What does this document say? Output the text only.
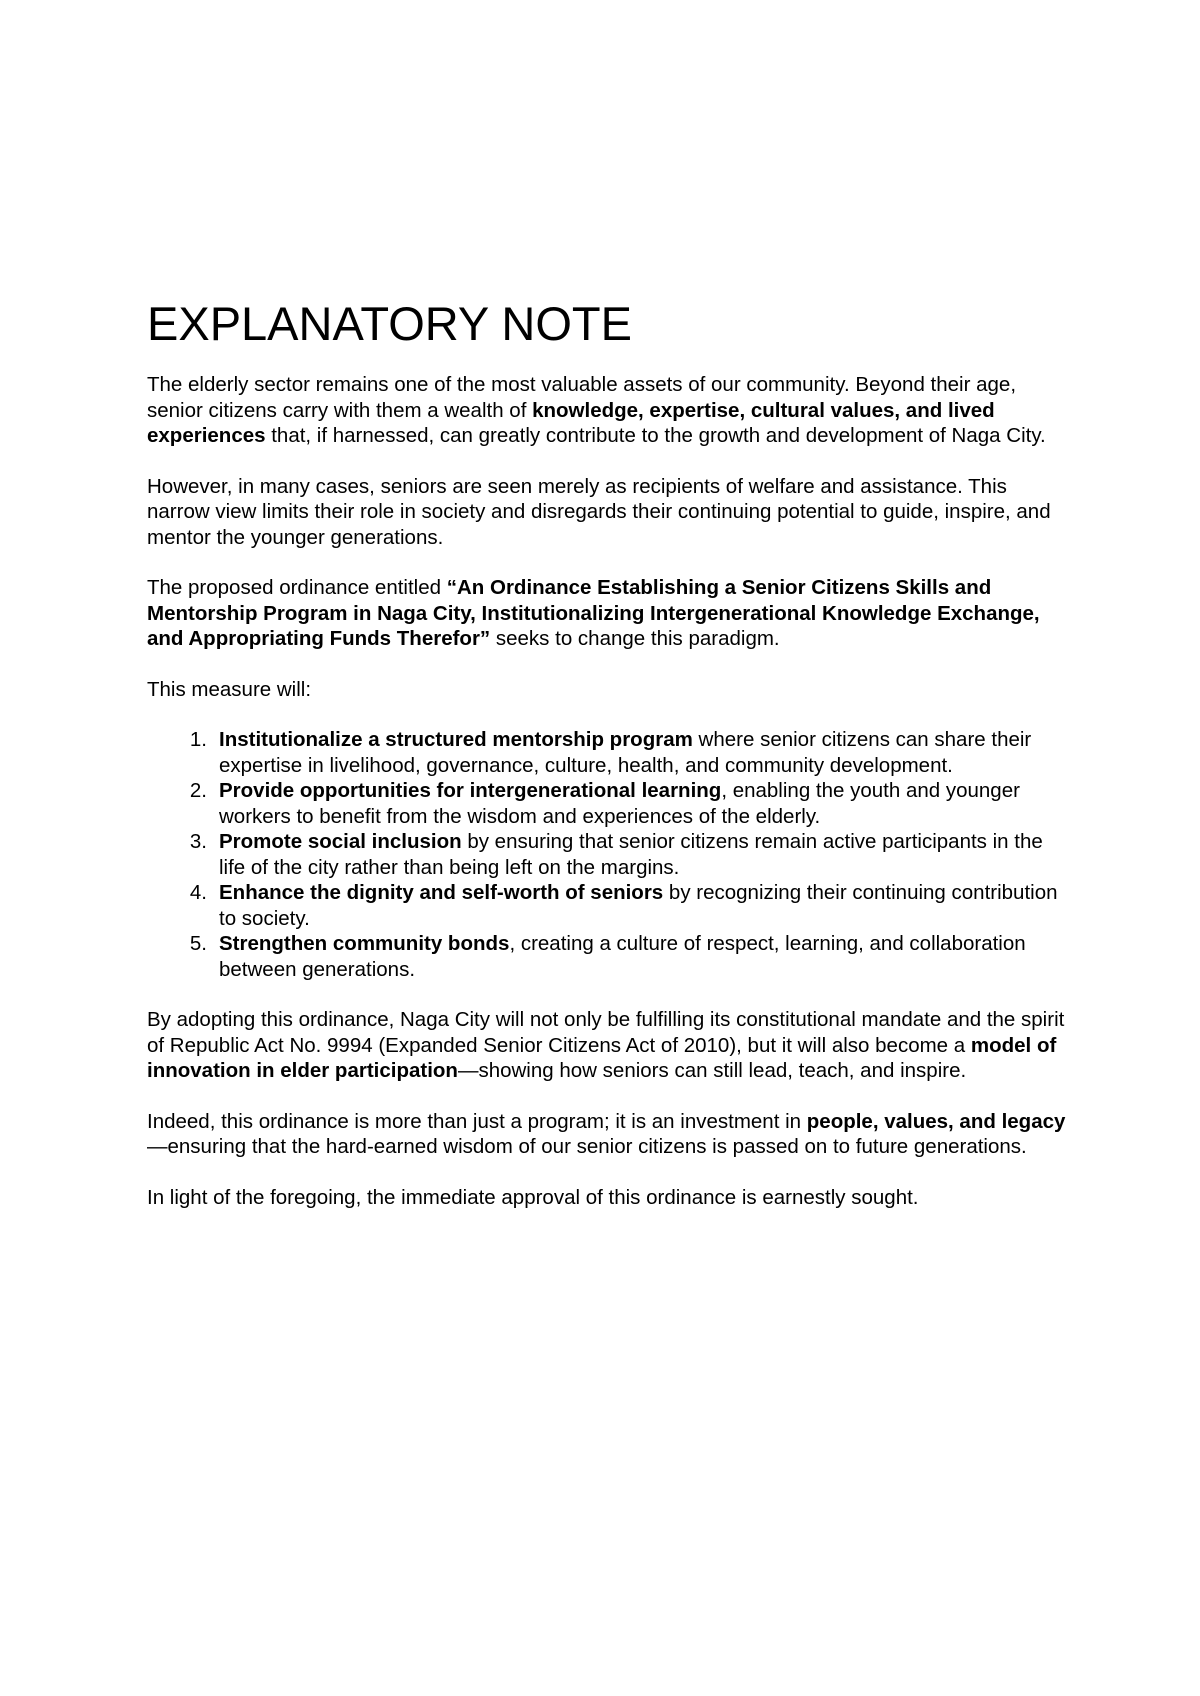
EXPLANATORY NOTE

The elderly sector remains one of the most valuable assets of our community. Beyond their age, senior citizens carry with them a wealth of knowledge, expertise, cultural values, and lived experiences that, if harnessed, can greatly contribute to the growth and development of Naga City.

However, in many cases, seniors are seen merely as recipients of welfare and assistance. This narrow view limits their role in society and disregards their continuing potential to guide, inspire, and mentor the younger generations.

The proposed ordinance entitled “An Ordinance Establishing a Senior Citizens Skills and Mentorship Program in Naga City, Institutionalizing Intergenerational Knowledge Exchange, and Appropriating Funds Therefor” seeks to change this paradigm.

This measure will:

1. Institutionalize a structured mentorship program where senior citizens can share their expertise in livelihood, governance, culture, health, and community development.
2. Provide opportunities for intergenerational learning, enabling the youth and younger workers to benefit from the wisdom and experiences of the elderly.
3. Promote social inclusion by ensuring that senior citizens remain active participants in the life of the city rather than being left on the margins.
4. Enhance the dignity and self-worth of seniors by recognizing their continuing contribution to society.
5. Strengthen community bonds, creating a culture of respect, learning, and collaboration between generations.

By adopting this ordinance, Naga City will not only be fulfilling its constitutional mandate and the spirit of Republic Act No. 9994 (Expanded Senior Citizens Act of 2010), but it will also become a model of innovation in elder participation—showing how seniors can still lead, teach, and inspire.

Indeed, this ordinance is more than just a program; it is an investment in people, values, and legacy—ensuring that the hard-earned wisdom of our senior citizens is passed on to future generations.

In light of the foregoing, the immediate approval of this ordinance is earnestly sought.
